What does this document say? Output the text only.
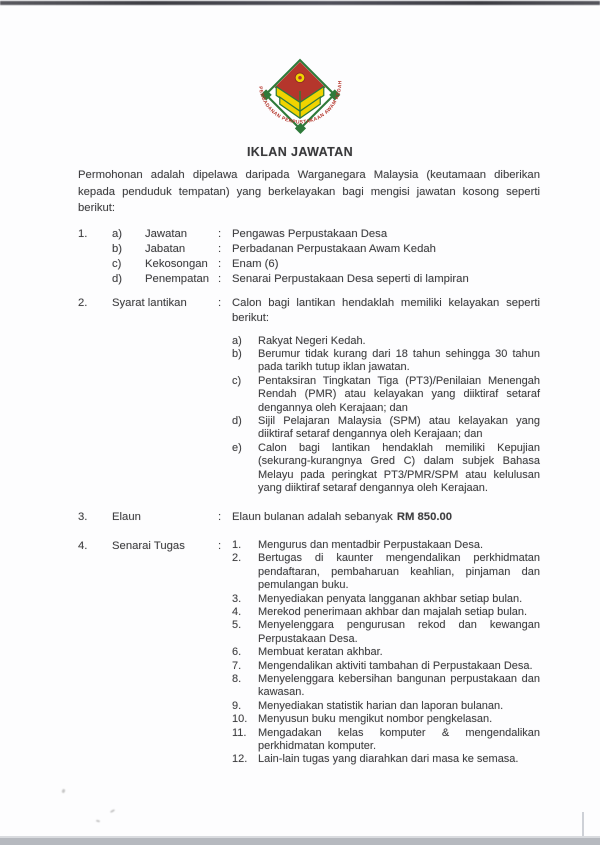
PERBADANAN PERPUSTAKAAN AWAM KEDAH
IKLAN JAWATAN
Permohonan adalah dipelawa daripada Warganegara Malaysia (keutamaan diberikan kepada penduduk tempatan) yang berkelayakan bagi mengisi jawatan kosong seperti berikut:
1.	a)	Jawatan	: Pengawas Perpustakaan Desa
b)	Jabatan	: Perbadanan Perpustakaan Awam Kedah
c)	Kekosongan : Enam (6)
d)	Penempatan : Senarai Perpustakaan Desa seperti di lampiran
2.	Syarat lantikan	: Calon bagi lantikan hendaklah memiliki kelayakan seperti berikut:
a)	Rakyat Negeri Kedah.
b)	Berumur tidak kurang dari 18 tahun sehingga 30 tahun pada tarikh tutup iklan jawatan.
c)	Pentaksiran Tingkatan Tiga (PT3)/Penilaian Menengah Rendah (PMR) atau kelayakan yang diiktiraf setaraf dengannya oleh Kerajaan; dan
d)	Sijil Pelajaran Malaysia (SPM) atau kelayakan yang diiktiraf setaraf dengannya oleh Kerajaan; dan
e)	Calon bagi lantikan hendaklah memiliki Kepujian (sekurang-kurangnya Gred C) dalam subjek Bahasa Melayu pada peringkat PT3/PMR/SPM atau kelulusan yang diiktiraf setaraf dengannya oleh Kerajaan.
3.	Elaun	: Elaun bulanan adalah sebanyak RM 850.00
4.	Senarai Tugas	: 1.	Mengurus dan mentadbir Perpustakaan Desa.
2.	Bertugas di kaunter mengendalikan perkhidmatan pendaftaran, pembaharuan keahlian, pinjaman dan pemulangan buku.
3.	Menyediakan penyata langganan akhbar setiap bulan.
4.	Merekod penerimaan akhbar dan majalah setiap bulan.
5.	Menyelenggara pengurusan rekod dan kewangan Perpustakaan Desa.
6.	Membuat keratan akhbar.
7.	Mengendalikan aktiviti tambahan di Perpustakaan Desa.
8.	Menyelenggara kebersihan bangunan perpustakaan dan kawasan.
9.	Menyediakan statistik harian dan laporan bulanan.
10. Menyusun buku mengikut nombor pengkelasan.
11.	Mengadakan kelas komputer & mengendalikan perkhidmatan komputer.
12. Lain-lain tugas yang diarahkan dari masa ke semasa.
